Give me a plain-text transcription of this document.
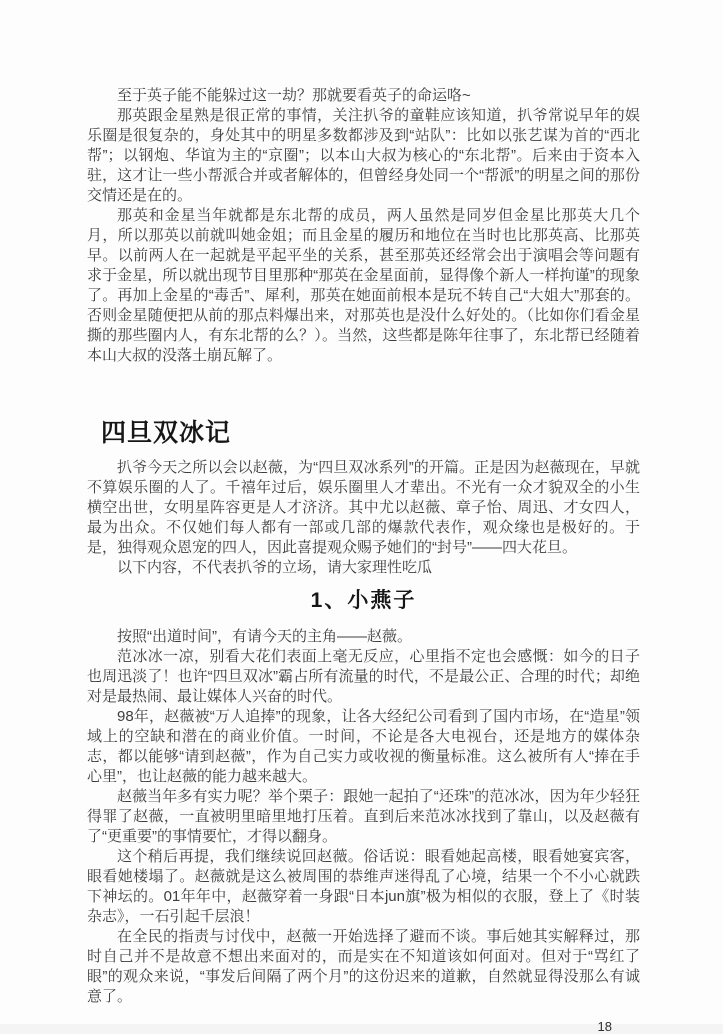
至于英子能不能躲过这一劫？那就要看英子的命运咯~

那英跟金星熟是很正常的事情，关注扒爷的童鞋应该知道，扒爷常说早年的娱乐圈是很复杂的，身处其中的明星多数都涉及到“站队”：比如以张艺谋为首的“西北帮”；以钢炮、华谊为主的“京圈”；以本山大叔为核心的“东北帮”。后来由于资本入驻，这才让一些小帮派合并或者解体的，但曾经身处同一个“帮派”的明星之间的那份交情还是在的。

那英和金星当年就都是东北帮的成员，两人虽然是同岁但金星比那英大几个月，所以那英以前就叫她金姐；而且金星的履历和地位在当时也比那英高、比那英早。以前两人在一起就是平起平坐的关系，甚至那英还经常会出于演唱会等问题有求于金星，所以就出现节目里那种“那英在金星面前，显得像个新人一样拘谨”的现象了。再加上金星的“毒舌”、犀利，那英在她面前根本是玩不转自己“大姐大”那套的。否则金星随便把从前的那点料爆出来，对那英也是没什么好处的。（比如你们看金星撕的那些圈内人，有东北帮的么？）。当然，这些都是陈年往事了，东北帮已经随着本山大叔的没落土崩瓦解了。

四旦双冰记

扒爷今天之所以会以赵薇，为“四旦双冰系列”的开篇。正是因为赵薇现在，早就不算娱乐圈的人了。千禧年过后，娱乐圈里人才辈出。不光有一众才貌双全的小生横空出世，女明星阵容更是人才济济。其中尤以赵薇、章子怡、周迅、才女四人，最为出众。不仅她们每人都有一部或几部的爆款代表作，观众缘也是极好的。于是，独得观众恩宠的四人，因此喜提观众赐予她们的“封号”——四大花旦。

以下内容，不代表扒爷的立场，请大家理性吃瓜

1、小燕子

按照“出道时间”，有请今天的主角——赵薇。

范冰冰一凉，别看大花们表面上毫无反应，心里指不定也会感慨：如今的日子也周迅淡了！也许“四旦双冰”霸占所有流量的时代，不是最公正、合理的时代；却绝对是最热闹、最让媒体人兴奋的时代。

98年，赵薇被“万人追捧”的现象，让各大经纪公司看到了国内市场，在“造星”领域上的空缺和潜在的商业价值。一时间，不论是各大电视台，还是地方的媒体杂志，都以能够“请到赵薇”，作为自己实力或收视的衡量标准。这么被所有人“捧在手心里”，也让赵薇的能力越来越大。

赵薇当年多有实力呢？举个栗子：跟她一起拍了“还珠”的范冰冰，因为年少轻狂得罪了赵薇，一直被明里暗里地打压着。直到后来范冰冰找到了靠山，以及赵薇有了“更重要”的事情要忙，才得以翻身。

这个稍后再提，我们继续说回赵薇。俗话说：眼看她起高楼，眼看她宴宾客，眼看她楼塌了。赵薇就是这么被周围的恭维声迷得乱了心境，结果一个不小心就跌下神坛的。01年年中，赵薇穿着一身跟“日本jun旗”极为相似的衣服，登上了《时装杂志》，一石引起千层浪！

在全民的指责与讨伐中，赵薇一开始选择了避而不谈。事后她其实解释过，那时自己并不是故意不想出来面对的，而是实在不知道该如何面对。但对于“骂红了眼”的观众来说，“事发后间隔了两个月”的这份迟来的道歉，自然就显得没那么有诚意了。

18
